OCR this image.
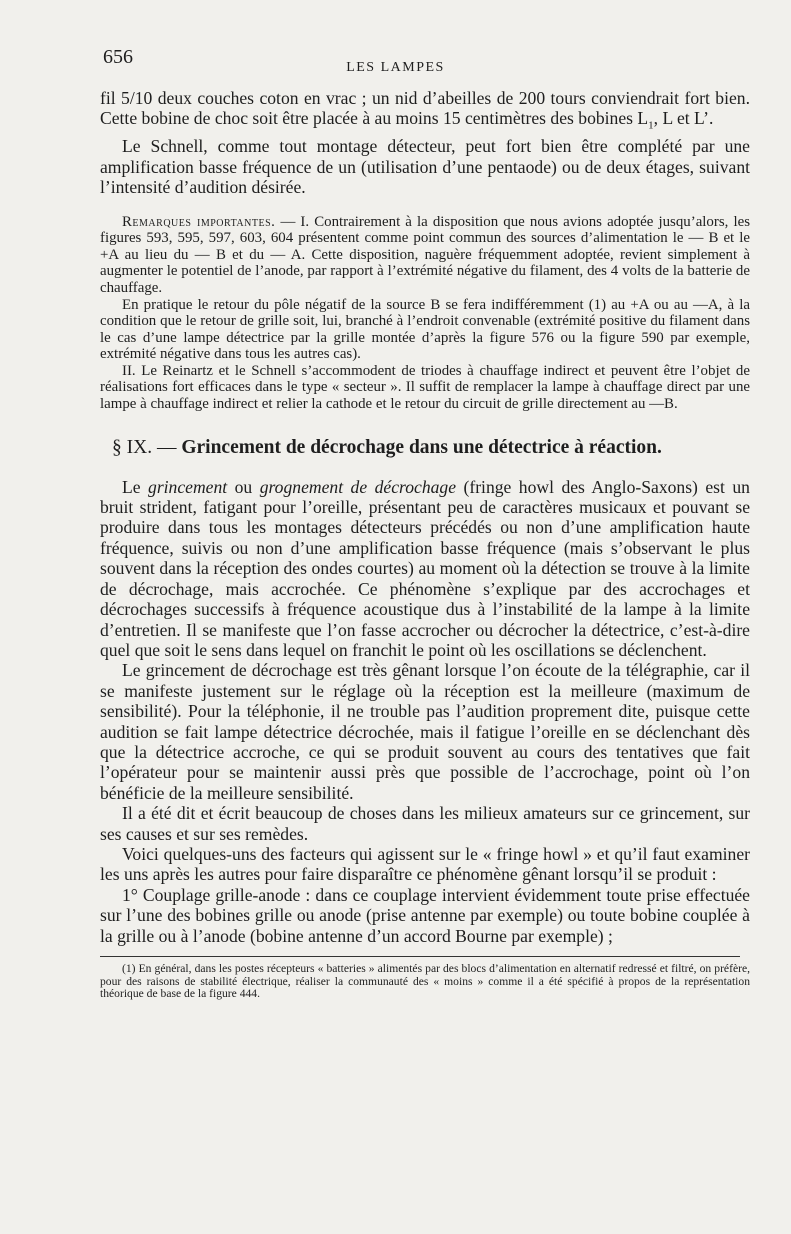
656	LES LAMPES

fil 5/10 deux couches coton en vrac ; un nid d’abeilles de 200 tours conviendrait fort bien. Cette bobine de choc soit être placée à au moins 15 centimètres des bobines $L_1$, L et L’.

Le Schnell, comme tout montage détecteur, peut fort bien être complété par une amplification basse fréquence de un (utilisation d’une pentaode) ou de deux étages, suivant l’intensité d’audition désirée.

Remarques importantes. — I. Contrairement à la disposition que nous avions adoptée jusqu’alors, les figures 593, 595, 597, 603, 604 présentent comme point commun des sources d’alimentation le — B et le +A au lieu du — B et du — A. Cette disposition, naguère fréquemment adoptée, revient simplement à augmenter le potentiel de l’anode, par rapport à l’extrémité négative du filament, des 4 volts de la batterie de chauffage.

En pratique le retour du pôle négatif de la source B se fera indifféremment (1) au +A ou au —A, à la condition que le retour de grille soit, lui, branché à l’endroit convenable (extrémité positive du filament dans le cas d’une lampe détectrice par la grille montée d’après la figure 576 ou la figure 590 par exemple, extrémité négative dans tous les autres cas).

II. Le Reinartz et le Schnell s’accommodent de triodes à chauffage indirect et peuvent être l’objet de réalisations fort efficaces dans le type « secteur ». Il suffit de remplacer la lampe à chauffage direct par une lampe à chauffage indirect et relier la cathode et le retour du circuit de grille directement au —B.

§ IX. — Grincement de décrochage dans une détectrice à réaction.

Le grincement ou grognement de décrochage (fringe howl des Anglo-Saxons) est un bruit strident, fatigant pour l’oreille, présentant peu de caractères musicaux et pouvant se produire dans tous les montages détecteurs précédés ou non d’une amplification haute fréquence, suivis ou non d’une amplification basse fréquence (mais s’observant le plus souvent dans la réception des ondes courtes) au moment où la détection se trouve à la limite de décrochage, mais accrochée. Ce phénomène s’explique par des accrochages et décrochages successifs à fréquence acoustique dus à l’instabilité de la lampe à la limite d’entretien. Il se manifeste que l’on fasse accrocher ou décrocher la détectrice, c’est-à-dire quel que soit le sens dans lequel on franchit le point où les oscillations se déclenchent.

Le grincement de décrochage est très gênant lorsque l’on écoute de la télégraphie, car il se manifeste justement sur le réglage où la réception est la meilleure (maximum de sensibilité). Pour la téléphonie, il ne trouble pas l’audition proprement dite, puisque cette audition se fait lampe détectrice décrochée, mais il fatigue l’oreille en se déclenchant dès que la détectrice accroche, ce qui se produit souvent au cours des tentatives que fait l’opérateur pour se maintenir aussi près que possible de l’accrochage, point où l’on bénéficie de la meilleure sensibilité.

Il a été dit et écrit beaucoup de choses dans les milieux amateurs sur ce grincement, sur ses causes et sur ses remèdes.

Voici quelques-uns des facteurs qui agissent sur le « fringe howl » et qu’il faut examiner les uns après les autres pour faire disparaître ce phénomène gênant lorsqu’il se produit :

1° Couplage grille-anode : dans ce couplage intervient évidemment toute prise effectuée sur l’une des bobines grille ou anode (prise antenne par exemple) ou toute bobine couplée à la grille ou à l’anode (bobine antenne d’un accord Bourne par exemple) ;

(1) En général, dans les postes récepteurs « batteries » alimentés par des blocs d’alimentation en alternatif redressé et filtré, on préfère, pour des raisons de stabilité électrique, réaliser la communauté des « moins » comme il a été spécifié à propos de la représentation théorique de base de la figure 444.
